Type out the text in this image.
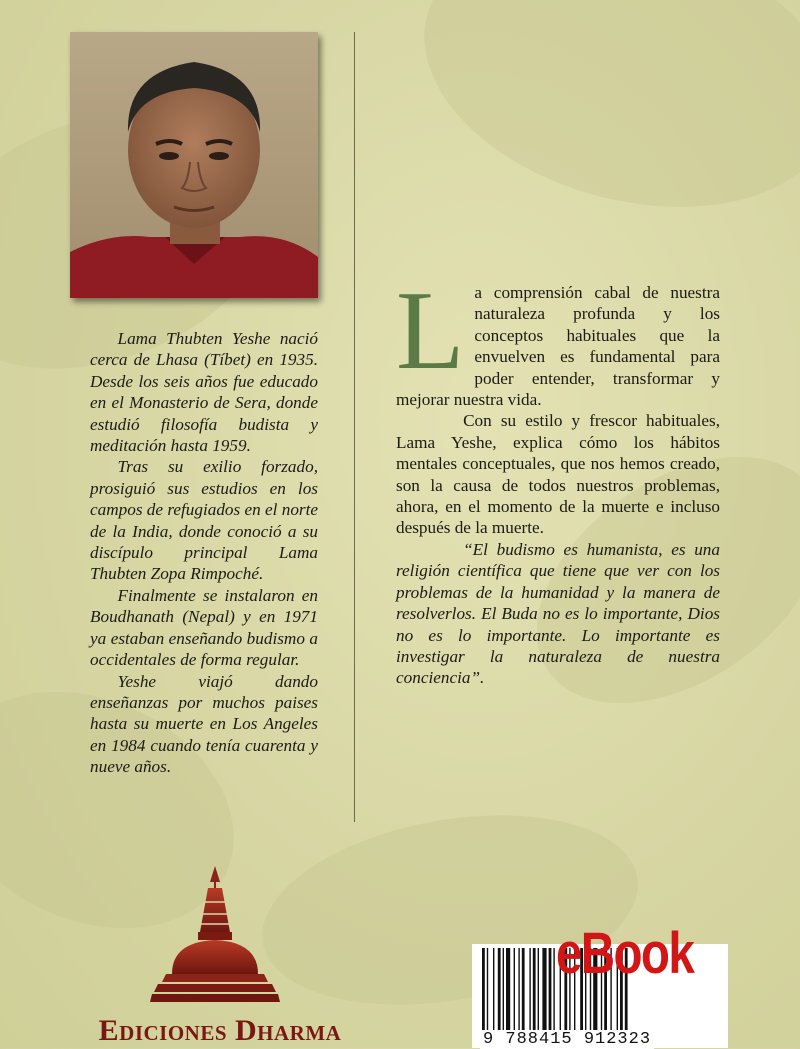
Lama Thubten Yeshe nació cerca de Lhasa (Tíbet) en 1935. Desde los seis años fue educado en el Monasterio de Sera, donde estudió filosofía budista y meditación hasta 1959.

Tras su exilio forzado, prosiguió sus estudios en los campos de refugiados en el norte de la India, donde conoció a su discípulo principal Lama Thubten Zopa Rimpoché.

Finalmente se instalaron en Boudhanath (Nepal) y en 1971 ya estaban enseñando budismo a occidentales de forma regular.

Yeshe viajó dando enseñanzas por muchos paises hasta su muerte en Los Angeles en 1984 cuando tenía cuarenta y nueve años.

L a comprensión cabal de nuestra naturaleza profunda y los conceptos habituales que la envuelven es fundamental para poder entender, transformar y mejorar nuestra vida.

Con su estilo y frescor habituales, Lama Yeshe, explica cómo los hábitos mentales conceptuales, que nos hemos creado, son la causa de todos nuestros problemas, ahora, en el momento de la muerte e incluso después de la muerte.

“El budismo es humanista, es una religión científica que tiene que ver con los problemas de la humanidad y la manera de resolverlos. El Buda no es lo importante, Dios no es lo importante. Lo importante es investigar la naturaleza de nuestra conciencia”.

Ediciones Dharma	9 788415 912323
eBook
